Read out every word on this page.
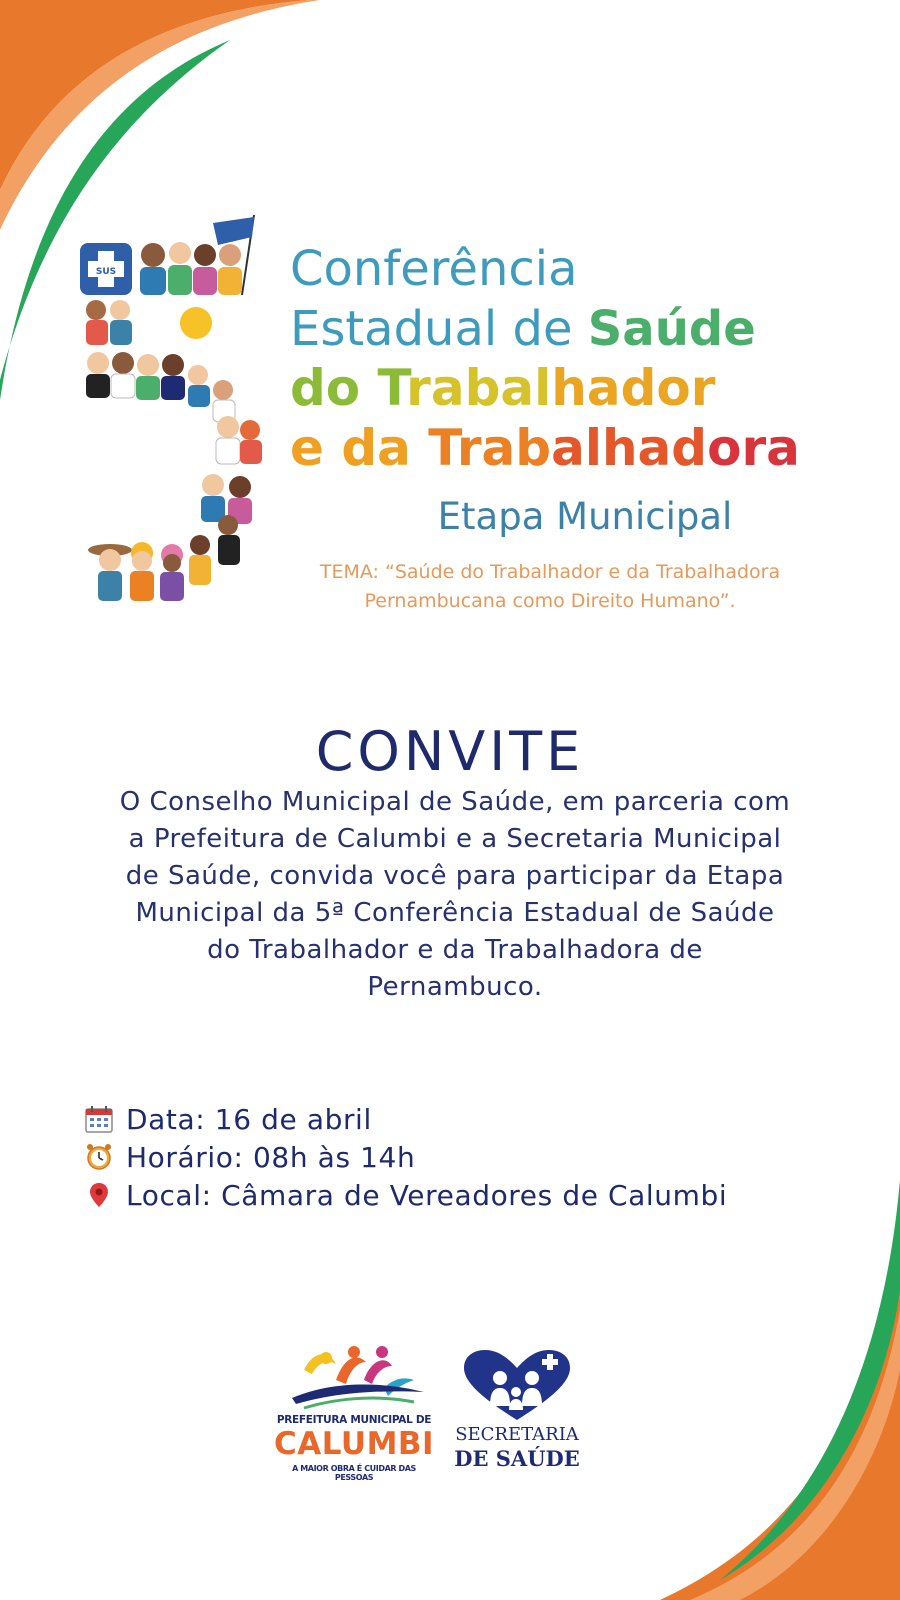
SUS	Conferência
Estadual de Saúde
do Trabalhador
e da Trabalhadora
Etapa Municipal
TEMA: “Saúde do Trabalhador e da Trabalhadora
Pernambucana como Direito Humano”.
CONVITE
O Conselho Municipal de Saúde, em parceria com
a Prefeitura de Calumbi e a Secretaria Municipal
de Saúde, convida você para participar da Etapa
Municipal da 5ª Conferência Estadual de Saúde
do Trabalhador e da Trabalhadora de
Pernambuco.
Data: 16 de abril
Horário: 08h às 14h
Local: Câmara de Vereadores de Calumbi
PREFEITURA MUNICIPAL DE
CALUMBI
A MAIOR OBRA É CUIDAR DAS PESSOAS
SECRETARIA
DE SAÚDE
